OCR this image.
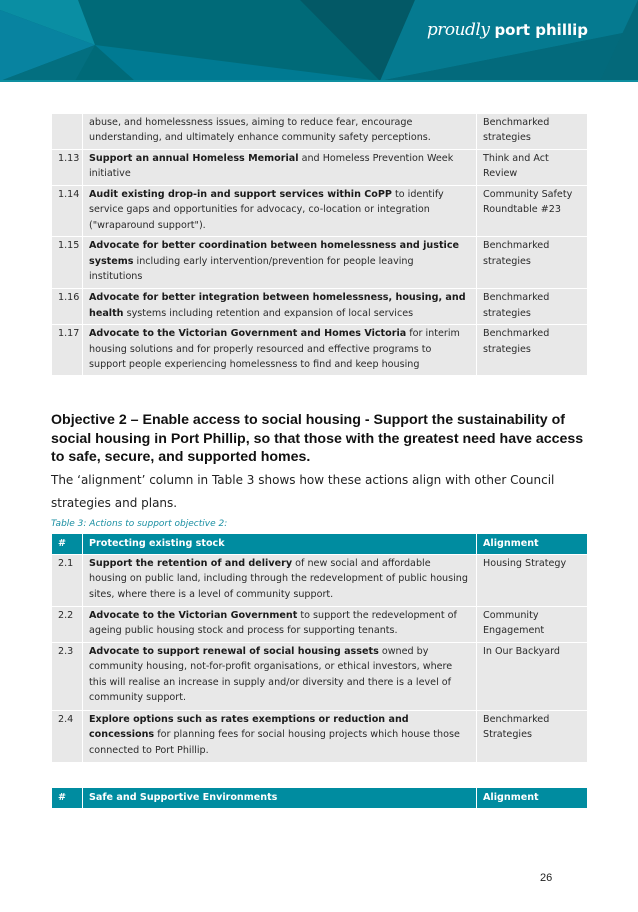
proudly port phillip
	abuse, and homelessness issues, aiming to reduce fear, encourage understanding, and ultimately enhance community safety perceptions.	Benchmarked strategies
1.13	Support an annual Homeless Memorial and Homeless Prevention Week initiative	Think and Act Review
1.14	Audit existing drop-in and support services within CoPP to identify service gaps and opportunities for advocacy, co-location or integration ("wraparound support").	Community Safety Roundtable #23
1.15	Advocate for better coordination between homelessness and justice systems including early intervention/prevention for people leaving institutions	Benchmarked strategies
1.16	Advocate for better integration between homelessness, housing, and health systems including retention and expansion of local services	Benchmarked strategies
1.17	Advocate to the Victorian Government and Homes Victoria for interim housing solutions and for properly resourced and effective programs to support people experiencing homelessness to find and keep housing	Benchmarked strategies
Objective 2 – Enable access to social housing - Support the sustainability of social housing in Port Phillip, so that those with the greatest need have access to safe, secure, and supported homes.
The ‘alignment’ column in Table 3 shows how these actions align with other Council strategies and plans.
Table 3: Actions to support objective 2:
#	Protecting existing stock	Alignment
2.1	Support the retention of and delivery of new social and affordable housing on public land, including through the redevelopment of public housing sites, where there is a level of community support.	Housing Strategy
2.2	Advocate to the Victorian Government to support the redevelopment of ageing public housing stock and process for supporting tenants.	Community Engagement
2.3	Advocate to support renewal of social housing assets owned by community housing, not-for-profit organisations, or ethical investors, where this will realise an increase in supply and/or diversity and there is a level of community support.	In Our Backyard
2.4	Explore options such as rates exemptions or reduction and concessions for planning fees for social housing projects which house those connected to Port Phillip.	Benchmarked Strategies
#	Safe and Supportive Environments	Alignment
26
